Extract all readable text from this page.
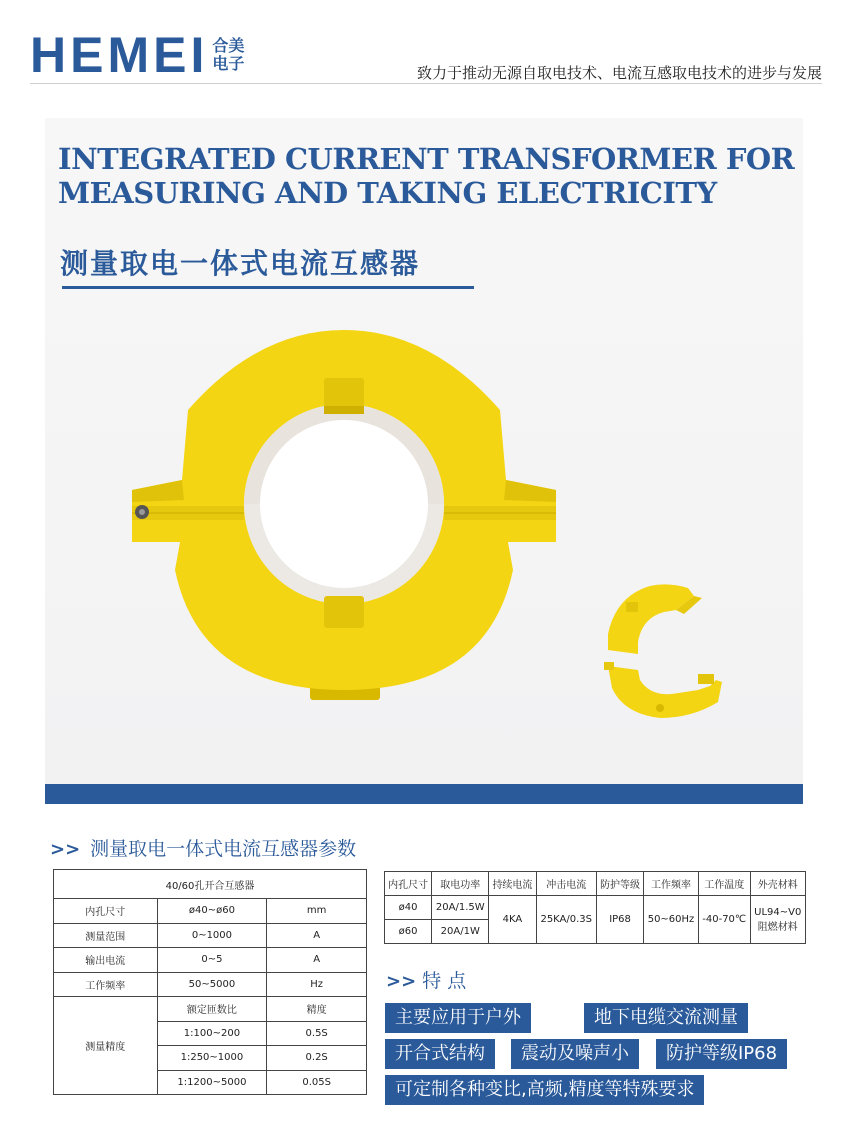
HEMEI 合美
电子	致力于推动无源自取电技术、电流互感取电技术的进步与发展
INTEGRATED CURRENT TRANSFORMER FOR
MEASURING AND TAKING ELECTRICITY
测量取电一体式电流互感器
>> 测量取电一体式电流互感器参数
40/60孔开合互感器		
内孔尺寸	ø40~ø60	mm
测量范围	0~1000	A
输出电流	0~5	A
工作频率	50~5000	Hz
测量精度	额定匝数比	精度
	1:100~200	0.5S
	1:250~1000	0.2S
	1:1200~5000	0.05S
内孔尺寸	取电功率	持续电流	冲击电流	防护等级	工作频率	工作温度	外壳材料
ø40	20A/1.5W	4KA	25KA/0.3S	IP68	50~60Hz	-40-70℃	UL94~V0
阻燃材料

ø60	20A/1W						
>> 特 点
主要应用于户外	地下电缆交流测量
开合式结构	震动及噪声小	防护等级IP68
可定制各种变比,高频,精度等特殊要求
